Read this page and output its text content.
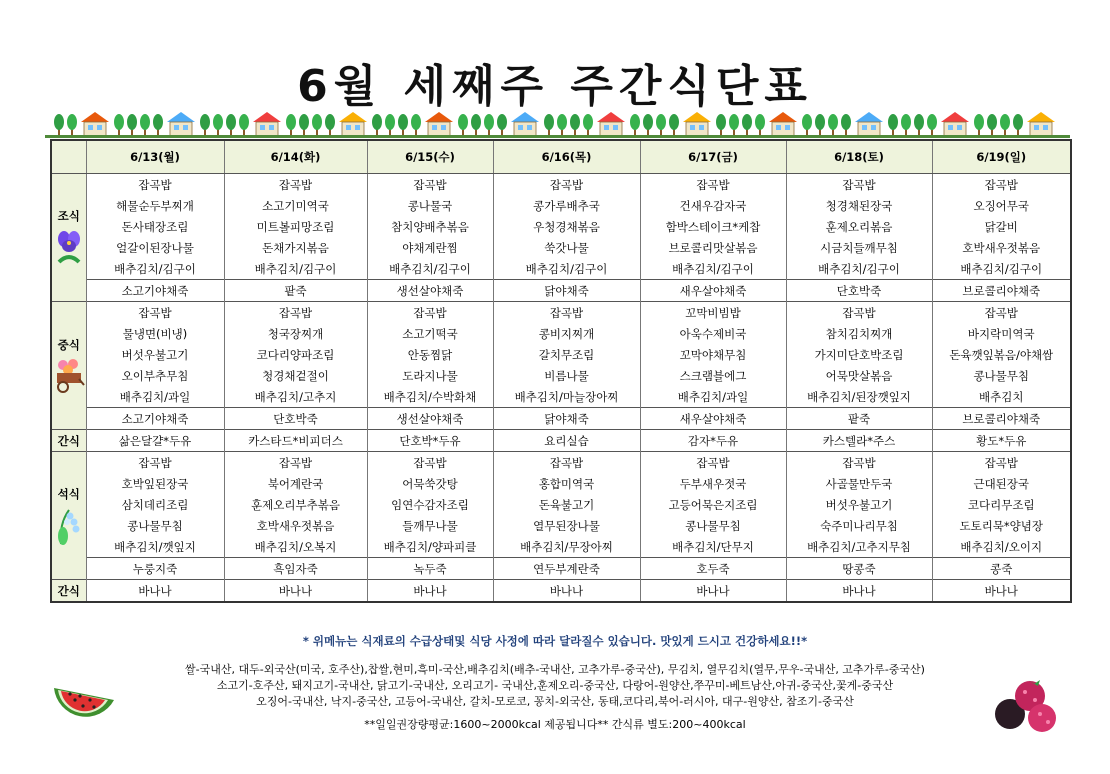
6월 세째주 주간식단표
	6/13(월)	6/14(화)	6/15(수)	6/16(목)	6/17(금)	6/18(토)	6/19(일)

조식	잡곡밥	잡곡밥	잡곡밥	잡곡밥	잡곡밥	잡곡밥	잡곡밥
	해물순두부찌개	소고기미역국	콩나물국	콩가루배추국	건새우감자국	청경채된장국	오징어무국
	돈사태장조림	미트볼피망조림	참치양배추볶음	우청경채볶음	함박스테이크*케찹	훈제오리볶음	닭갈비
	얼갈이된장나물	돈채가지볶음	야채계란찜	쑥갓나물	브로콜리맛살볶음	시금치들깨무침	호박새우젓볶음
	배추김치/김구이	배추김치/김구이	배추김치/김구이	배추김치/김구이	배추김치/김구이	배추김치/김구이	배추김치/김구이
	소고기야채죽	팥죽	생선살야채죽	닭야채죽	새우살야채죽	단호박죽	브로콜리야채죽

중식	잡곡밥	잡곡밥	잡곡밥	잡곡밥	꼬막비빔밥	잡곡밥	잡곡밥
	물냉면(비냉)	청국장찌개	소고기떡국	콩비지찌개	아욱수제비국	참치김치찌개	바지락미역국
	버섯우불고기	코다리양파조림	안동찜닭	갈치무조림	꼬막야채무침	가지미단호박조림	돈육깻잎볶음/야채쌈
	오이부추무침	청경채겉절이	도라지나물	비름나물	스크램블에그	어묵맛살볶음	콩나물무침
	배추김치/과일	배추김치/고추지	배추김치/수박화채	배추김치/마늘장아찌	배추김치/과일	배추김치/된장깻잎지	배추김치
	소고기야채죽	단호박죽	생선살야채죽	닭야채죽	새우살야채죽	팥죽	브로콜리야채죽
간식	삶은달걀*두유	카스타드*비피더스	단호박*두유	요리실습	감자*두유	카스텔라*주스	황도*두유

석식	잡곡밥	잡곡밥	잡곡밥	잡곡밥	잡곡밥	잡곡밥	잡곡밥
	호박잎된장국	북어계란국	어묵쑥갓탕	홍합미역국	두부새우젓국	사골물만두국	근대된장국
	삼치데리조림	훈제오리부추볶음	임연수감자조림	돈육불고기	고등어묵은지조림	버섯우불고기	코다리무조림
	콩나물무침	호박새우젓볶음	들깨무나물	열무된장나물	콩나물무침	숙주미나리무침	도토리묵*양념장
	배추김치/깻잎지	배추김치/오복지	배추김치/양파피클	배추김치/무장아찌	배추김치/단무지	배추김치/고추지무침	배추김치/오이지
	누룽지죽	흑임자죽	녹두죽	연두부계란죽	호두죽	땅콩죽	콩죽
간식	바나나	바나나	바나나	바나나	바나나	바나나	바나나
* 위메뉴는 식재료의 수급상태및 식당 사정에 따라 달라질수 있습니다. 맛있게 드시고 건강하세요!!*
쌀-국내산, 대두-외국산(미국, 호주산),찹쌀,현미,흑미-국산,배추김치(배추-국내산, 고추가루-중국산), 무김치, 열무김치(열무,무우-국내산, 고추가루-중국산)
소고기-호주산, 돼지고기-국내산, 닭고기-국내산, 오리고기- 국내산,훈제오리-중국산, 다랑어-원양산,쭈꾸미-베트남산,아귀-중국산,꽃게-중국산
오징어-국내산, 낙지-중국산, 고등어-국내산, 갈치-모로코, 꽁치-외국산, 동태,코다리,북어-러시아, 대구-원양산, 참조기-중국산
**일일권장량평균:1600~2000kcal 제공됩니다** 간식류 별도:200~400kcal
